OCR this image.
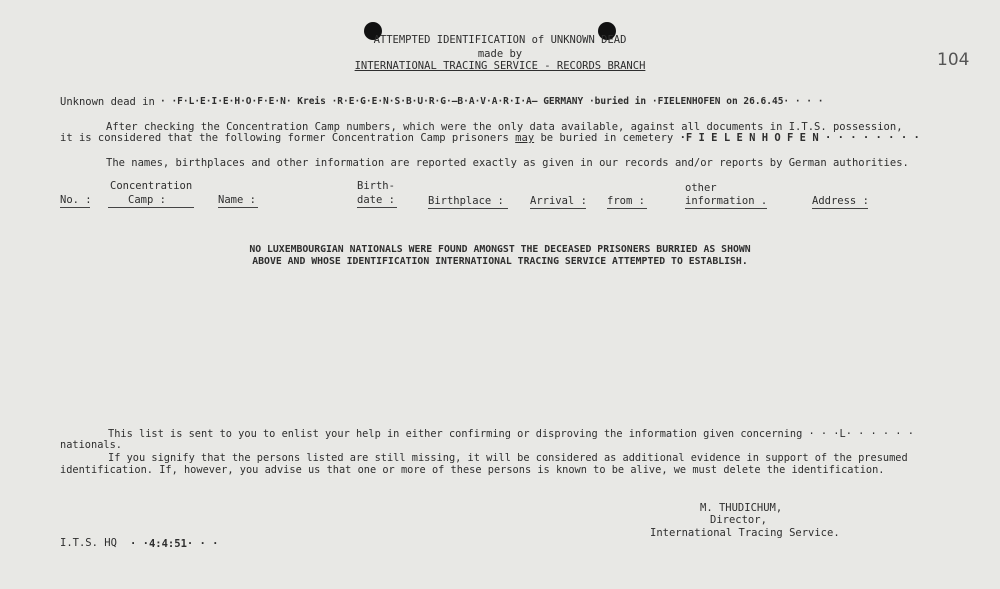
ATTEMPTED IDENTIFICATION of UNKNOWN DEAD
made by
INTERNATIONAL TRACING SERVICE - RECORDS BRANCH	104
Unknown dead in · ·F·L·E·I·E·H·O·F·E·N· Kreis ·R·E·G·E·N·S·B·U·R·G·–B·A·V·A·R·I·A– GERMANY ·buried in ·FIELENHOFEN on 26.6.45· · · ·
After checking the Concentration Camp numbers, which were the only data available, against all documents in I.T.S. possession,
it is considered that the following former Concentration Camp prisoners may be buried in cemetery ·F I E L E N H O F E N · · · · · · · ·
The names, birthplaces and other information are reported exactly as given in our records and/or reports by German authorities.
Concentration	Birth-	other
No. :	Camp :	Name :	date :	Birthplace : Arrival : from :	information .	Address :
NO LUXEMBOURGIAN NATIONALS WERE FOUND AMONGST THE DECEASED PRISONERS BURRIED AS SHOWN
ABOVE AND WHOSE IDENTIFICATION INTERNATIONAL TRACING SERVICE ATTEMPTED TO ESTABLISH.
This list is sent to you to enlist your help in either confirming or disproving the information given concerning · · ·L· · · · · ·
nationals.
If you signify that the persons listed are still missing, it will be considered as additional evidence in support of the presumed
identification. If, however, you advise us that one or more of these persons is known to be alive, we must delete the identification.
M. THUDICHUM,
Director,
International Tracing Service.
I.T.S. HQ · ·4:4:51· · ·
